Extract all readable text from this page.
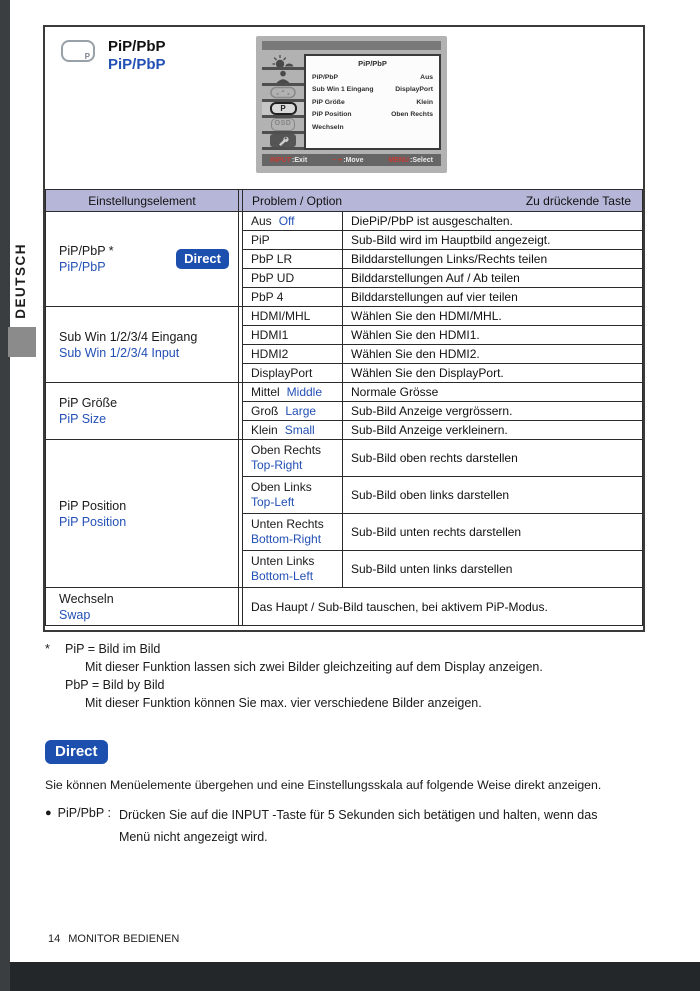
DEUTSCH
P
PiP/PbP
PiP/PbP
P
OSD
PiP/PbP
PiP/PbP	Aus
Sub Win 1 Eingang	DisplayPort
PiP Größe	Klein
PiP Position	Oben Rechts
Wechseln
INPUT:Exit	− +:Move	MENU:Select
Einstellungselement		Problem / Option Zu drückende Taste	

PiP/PbP *
PiP/PbP
Direct		Aus Off	DiePiP/PbP ist ausgeschalten.
		PiP	Sub-Bild wird im Hauptbild angezeigt.
		PbP LR	Bilddarstellungen Links/Rechts teilen
		PbP UD	Bilddarstellungen Auf / Ab teilen
		PbP 4	Bilddarstellungen auf vier teilen

Sub Win 1/2/3/4 Eingang
Sub Win 1/2/3/4 Input		HDMI/MHL	Wählen Sie den HDMI/MHL.
		HDMI1	Wählen Sie den HDMI1.
		HDMI2	Wählen Sie den HDMI2.
		DisplayPort	Wählen Sie den DisplayPort.

PiP Größe
PiP Size		Mittel Middle	Normale Grösse
		Groß Large	Sub-Bild Anzeige vergrössern.
		Klein Small	Sub-Bild Anzeige verkleinern.

PiP Position
PiP Position

Oben Rechts
Top-Right	Sub-Bild oben rechts darstellen

		Oben Links
Top-Left	Sub-Bild oben links darstellen

		Unten Rechts
Bottom-Right	Sub-Bild unten rechts darstellen

		Unten Links
Bottom-Left	Sub-Bild unten links darstellen

Wechseln
Swap		Das Haupt / Sub-Bild tauschen, bei aktivem PiP-Modus.	
* PiP = Bild im Bild
Mit dieser Funktion lassen sich zwei Bilder gleichzeiting auf dem Display anzeigen.
PbP = Bild by Bild
Mit dieser Funktion können Sie max. vier verschiedene Bilder anzeigen.
Direct
Sie können Menüelemente übergehen und eine Einstellungsskala auf folgende Weise direkt anzeigen.
● PiP/PbP : Drücken Sie auf die INPUT -Taste für 5 Sekunden sich betätigen und halten, wenn das
Menü nicht angezeigt wird.
14 MONITOR BEDIENEN
